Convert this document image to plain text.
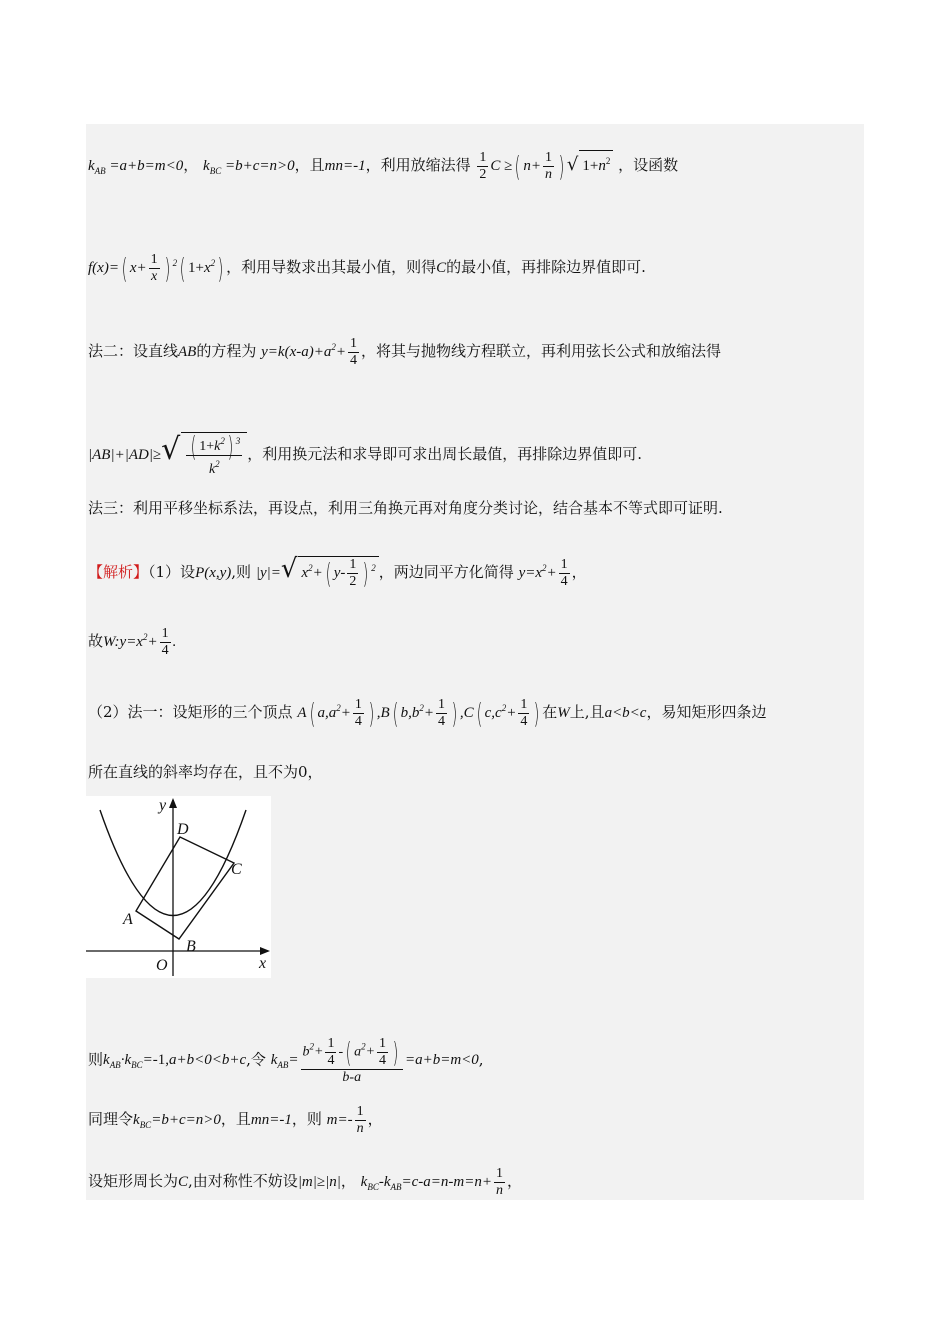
$k_{AB} =a+b=m<0$， $k_{BC} =b+c=n>0$，且mn=-1，利用放缩法得 $\frac{1}{2}$ C ≥( $n+ \frac{1}{n}$ ) √ $1+n^2$ ，设函数
f(x)=( $x+ \frac{1}{x}$ ) $^2$( $1+x^2$) ，利用导数求出其最小值，则得C的最小值，再排除边界值即可.
法二：设直线AB的方程为 $y=k(x-a)+a^2+ \frac{1}{4}$ ，将其与抛物线方程联立，再利用弦长公式和放缩法得
$|AB|+|AD|\ge√ \frac{( 1+k^2) ^3}{k^2}$ ，利用换元法和求导即可求出周长最值，再排除边界值即可.
法三：利用平移坐标系法，再设点，利用三角换元再对角度分类讨论，结合基本不等式即可证明.
【解析】（1）设P(x,y),则 |y|=√ $x^2+$( $y- \frac{1}{2}$ ) $^2$ ，两边同平方化简得 $y=x^2+ \frac{1}{4}$ ，
故$W:y=x^2+ \frac{1}{4}$ .
（2）法一：设矩形的三个顶点 A( $a,a^2+ \frac{1}{4}$ ) ,B( $b,b^2+ \frac{1}{4}$ ) ,C( $c,c^2+ \frac{1}{4}$ ) 在W上,且a<b<c，易知矩形四条边
所在直线的斜率均存在，且不为0，
y
x
O
A
B
C
D
则$k_{AB}\cdot k_{BC}=-1,a+b<0<b+c$,令 $k_{AB}= \frac{b^2+ \frac{1}{4} -( a^2+ \frac{1}{4} )}{b-a} =a+b=m<0$,
同理令$k_{BC}=b+c=n>0$，且mn=-1，则 $m=- \frac{1}{n}$ ，
设矩形周长为C,由对称性不妨设|m|≥|n|， $k_{BC}-k_{AB}=c-a=n-m=n+ \frac{1}{n}$ ，
